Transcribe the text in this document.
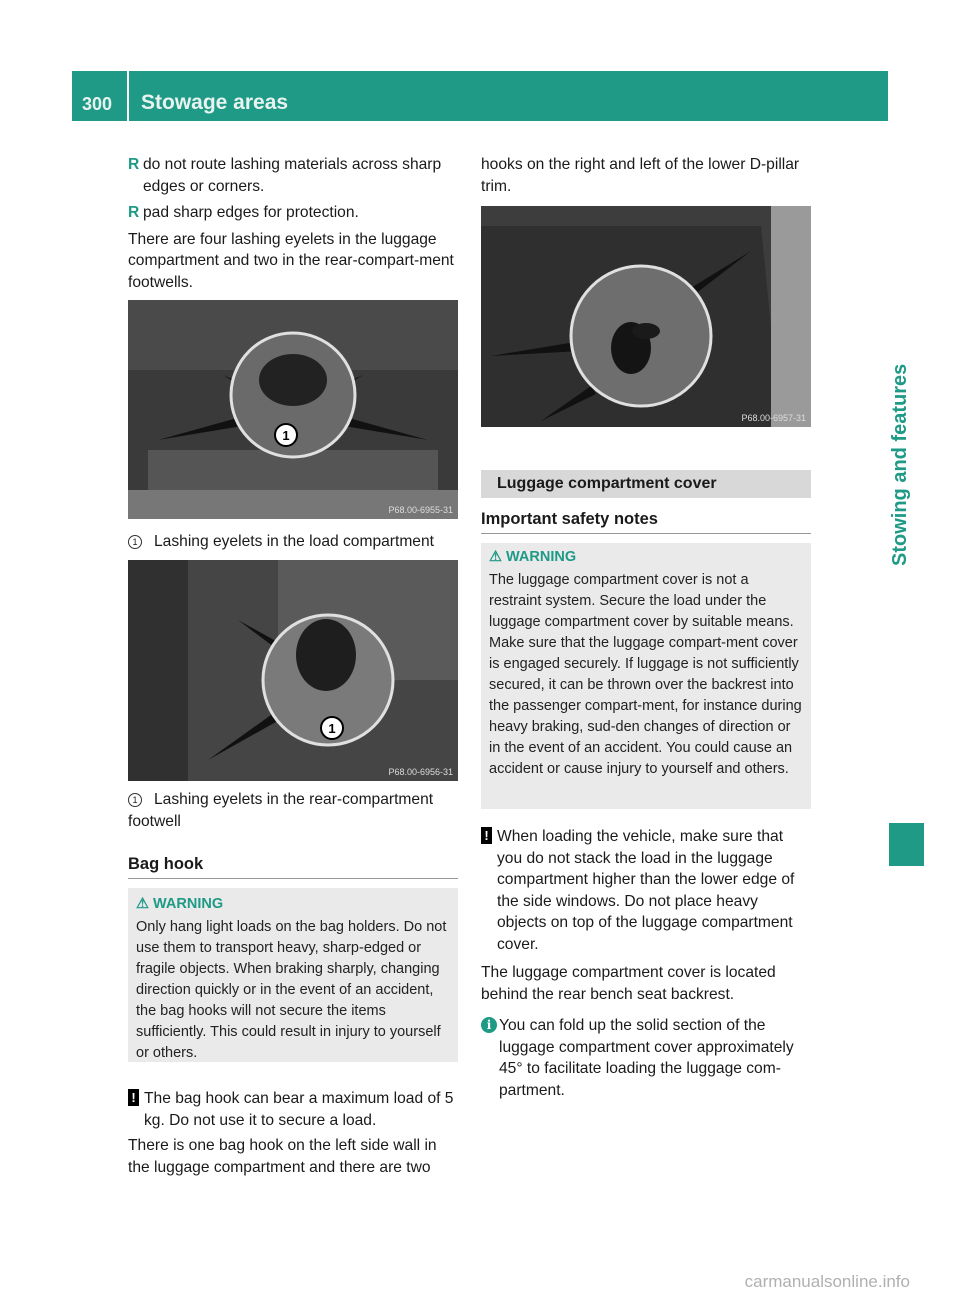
300 Stowage areas
Stowing and features

R do not route lashing materials across sharp edges or corners.

R pad sharp edges for protection.

There are four lashing eyelets in the luggage compartment and two in the rear-compart-ment footwells.

1
P68.00-6955-31
1 Lashing eyelets in the load compartment
1
P68.00-6956-31
1 Lashing eyelets in the rear-compartment footwell
Bag hook
⚠ WARNING
Only hang light loads on the bag holders. Do not use them to transport heavy, sharp-edged or fragile objects. When braking sharply, changing direction quickly or in the event of an accident, the bag hooks will not secure the items sufficiently. This could result in injury to yourself or others.
! The bag hook can bear a maximum load of 5 kg. Do not use it to secure a load.
There is one bag hook on the left side wall in the luggage compartment and there are two
hooks on the right and left of the lower D-pillar trim.
P68.00-6957-31
Luggage compartment cover
Important safety notes
⚠ WARNING
The luggage compartment cover is not a restraint system. Secure the load under the luggage compartment cover by suitable means. Make sure that the luggage compart-ment cover is engaged securely. If luggage is not sufficiently secured, it can be thrown over the backrest into the passenger compart-ment, for instance during heavy braking, sud-den changes of direction or in the event of an accident. You could cause an accident or cause injury to yourself and others.
! When loading the vehicle, make sure that you do not stack the load in the luggage compartment higher than the lower edge of the side windows. Do not place heavy objects on top of the luggage compartment cover.
The luggage compartment cover is located behind the rear bench seat backrest.
i You can fold up the solid section of the luggage compartment cover approximately 45° to facilitate loading the luggage com-partment.
carmanualsonline.info
